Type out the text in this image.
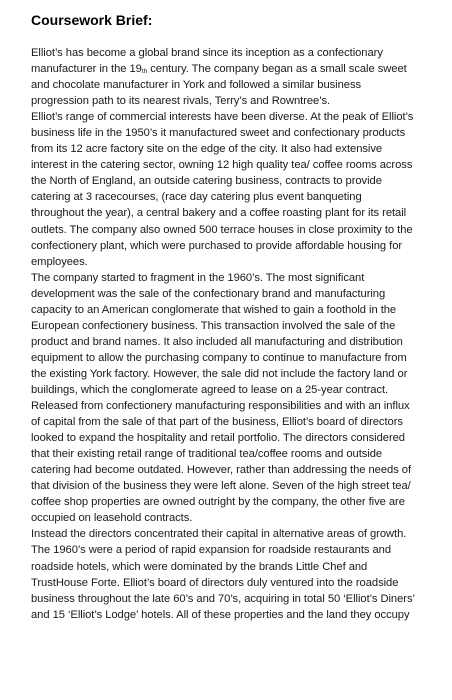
Coursework Brief:
Elliot’s has become a global brand since its inception as a confectionary
manufacturer in the 19th century. The company began as a small scale sweet
and chocolate manufacturer in York and followed a similar business
progression path to its nearest rivals, Terry’s and Rowntree’s.
Elliot’s range of commercial interests have been diverse. At the peak of Elliot’s
business life in the 1950’s it manufactured sweet and confectionary products
from its 12 acre factory site on the edge of the city. It also had extensive
interest in the catering sector, owning 12 high quality tea/ coffee rooms across
the North of England, an outside catering business, contracts to provide
catering at 3 racecourses, (race day catering plus event banqueting
throughout the year), a central bakery and a coffee roasting plant for its retail
outlets. The company also owned 500 terrace houses in close proximity to the
confectionery plant, which were purchased to provide affordable housing for
employees.
The company started to fragment in the 1960’s. The most significant
development was the sale of the confectionary brand and manufacturing
capacity to an American conglomerate that wished to gain a foothold in the
European confectionery business. This transaction involved the sale of the
product and brand names. It also included all manufacturing and distribution
equipment to allow the purchasing company to continue to manufacture from
the existing York factory. However, the sale did not include the factory land or
buildings, which the conglomerate agreed to lease on a 25-year contract.
Released from confectionery manufacturing responsibilities and with an influx
of capital from the sale of that part of the business, Elliot’s board of directors
looked to expand the hospitality and retail portfolio. The directors considered
that their existing retail range of traditional tea/coffee rooms and outside
catering had become outdated. However, rather than addressing the needs of
that division of the business they were left alone. Seven of the high street tea/
coffee shop properties are owned outright by the company, the other five are
occupied on leasehold contracts.
Instead the directors concentrated their capital in alternative areas of growth.
The 1960’s were a period of rapid expansion for roadside restaurants and
roadside hotels, which were dominated by the brands Little Chef and
TrustHouse Forte. Elliot’s board of directors duly ventured into the roadside
business throughout the late 60’s and 70’s, acquiring in total 50 ‘Elliot’s Diners’
and 15 ‘Elliot’s Lodge’ hotels. All of these properties and the land they occupy
